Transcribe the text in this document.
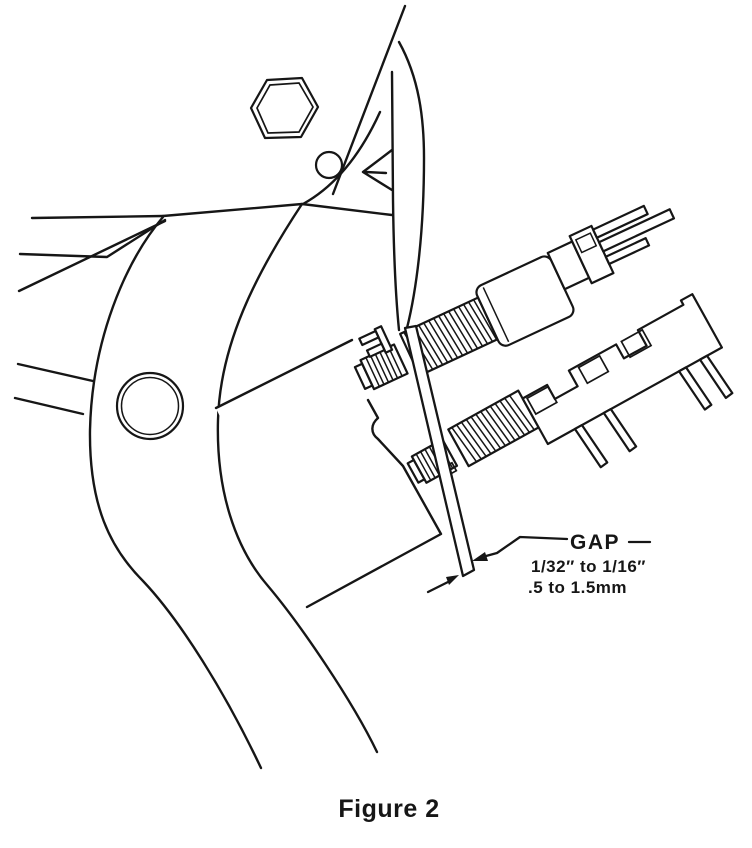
GAP
1/32″ to 1/16″
.5 to 1.5mm
Figure 2
